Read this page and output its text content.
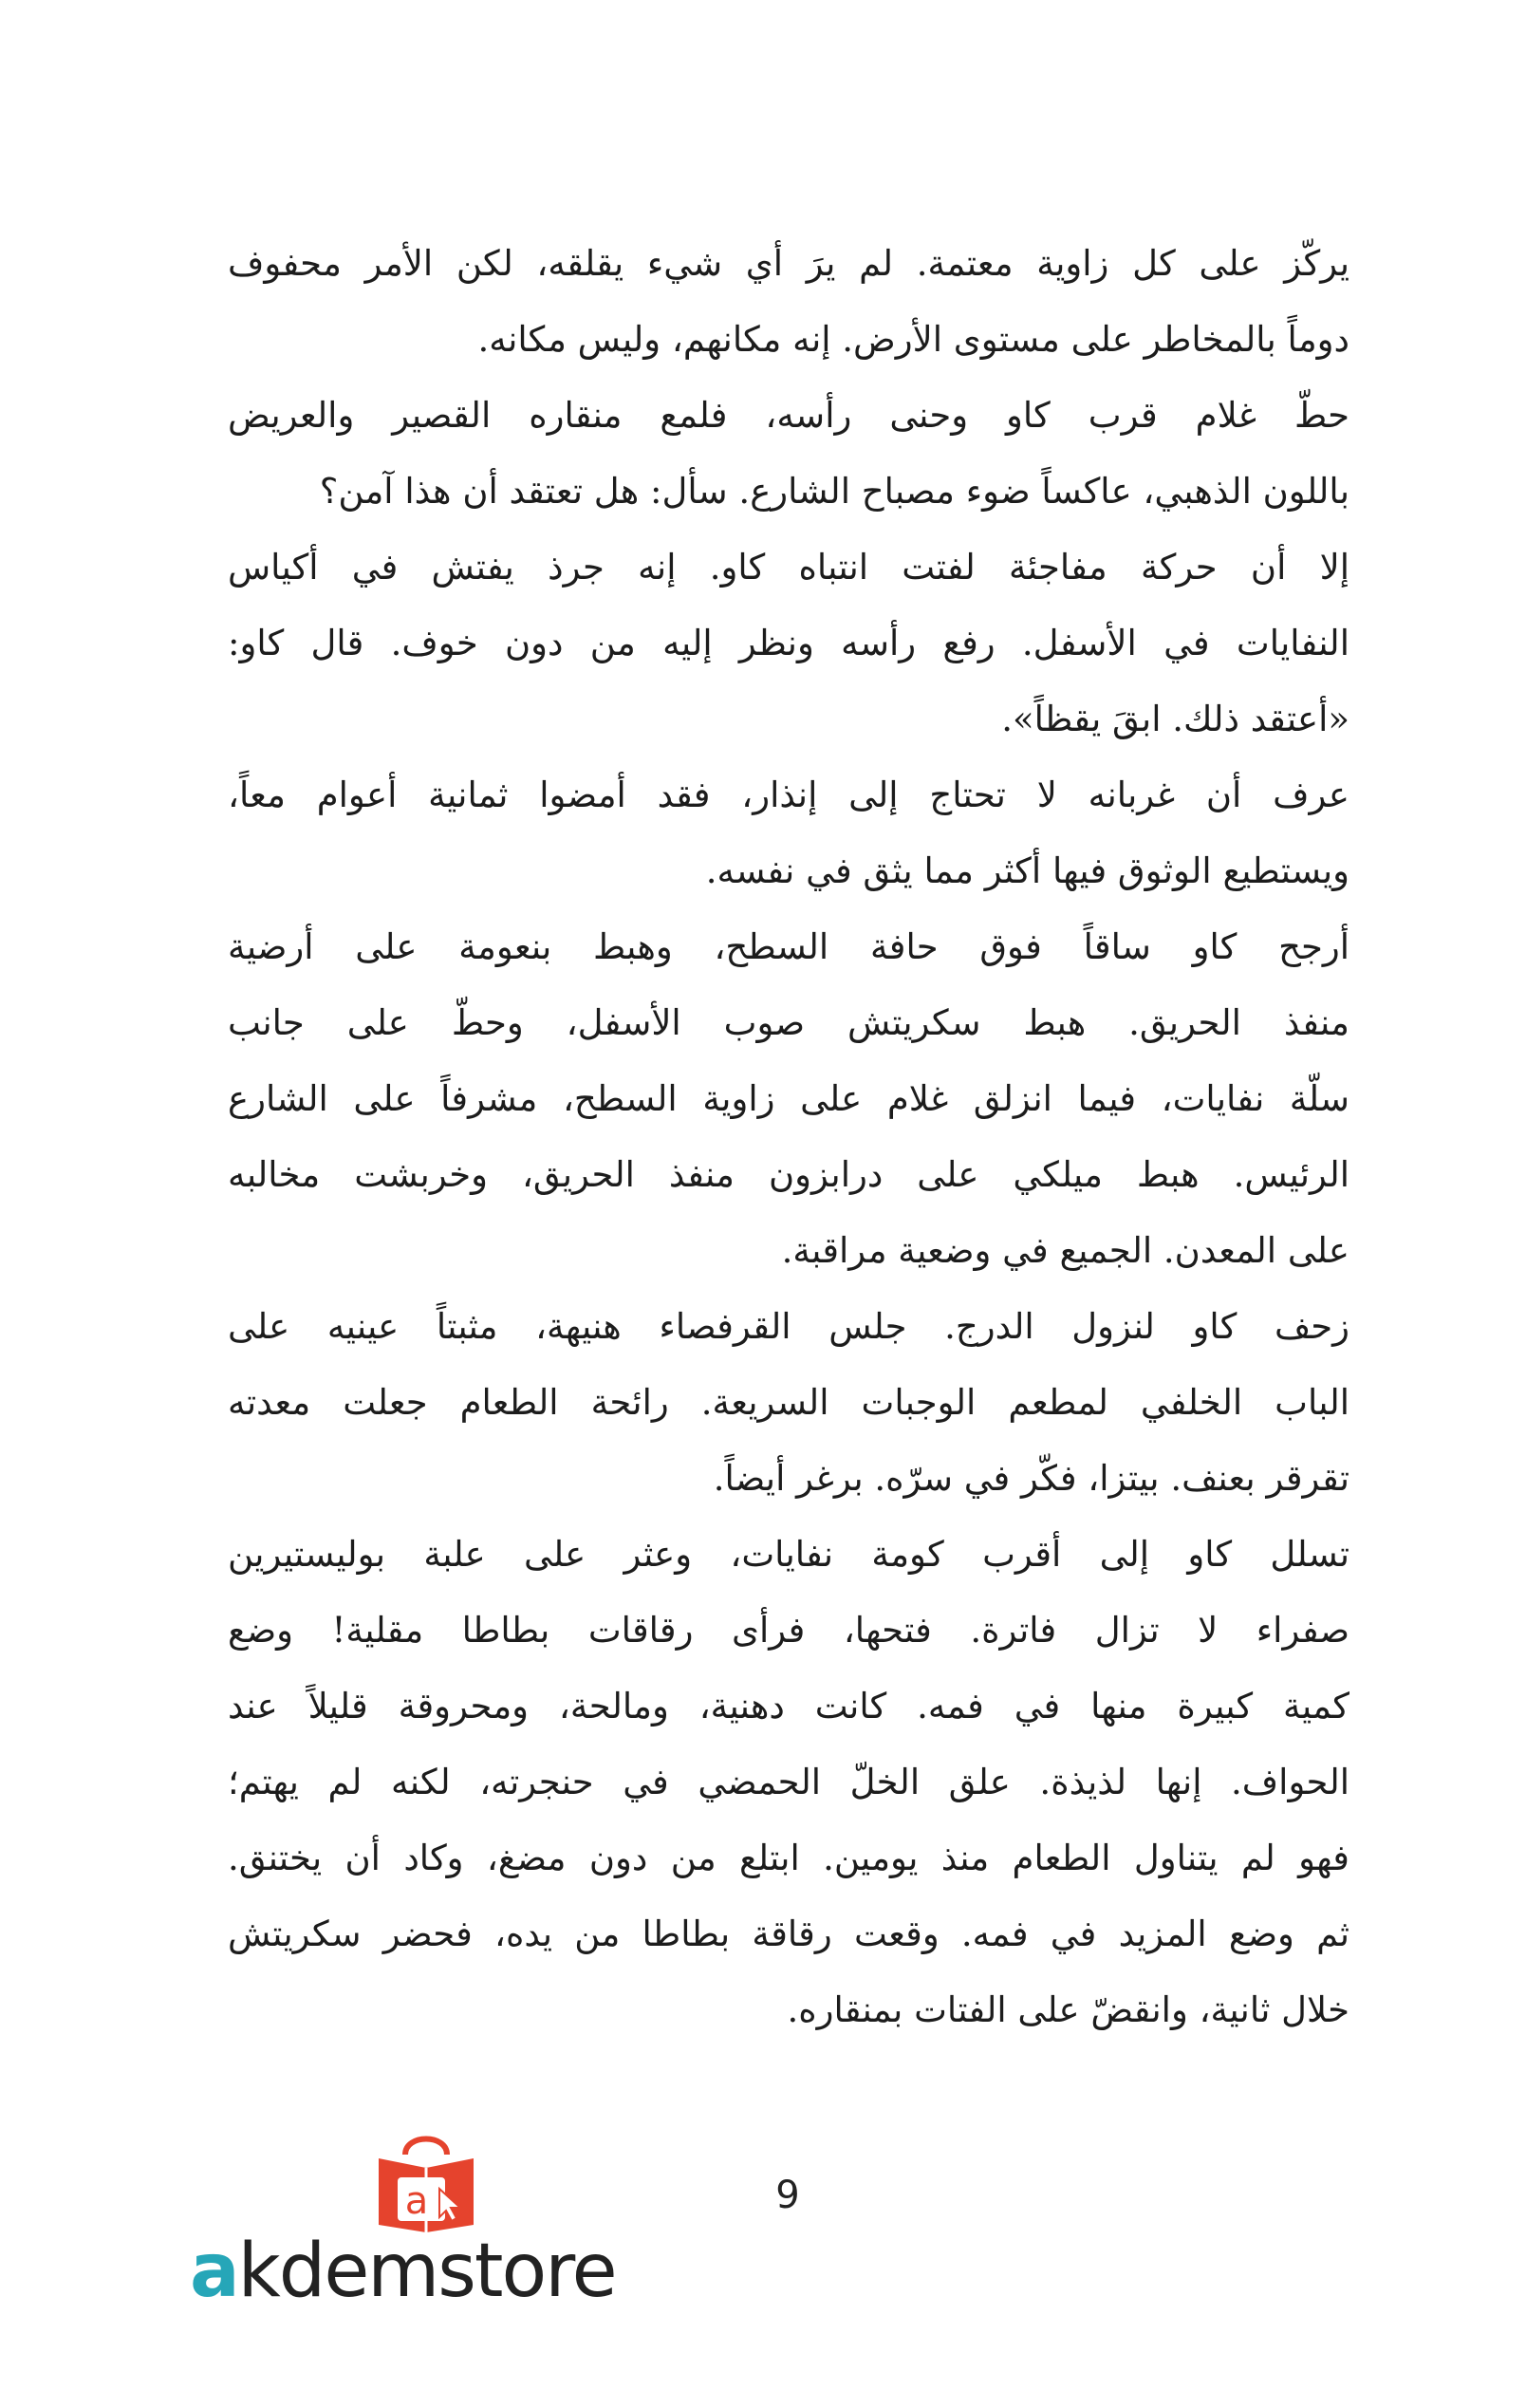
يركّز على كل زاوية معتمة. لم يرَ أي شيء يقلقه، لكن الأمر محفوف
دوماً بالمخاطر على مستوى الأرض. إنه مكانهم، وليس مكانه.
حطّ غلام قرب كاو وحنى رأسه، فلمع منقاره القصير والعريض
باللون الذهبي، عاكساً ضوء مصباح الشارع. سأل: هل تعتقد أن هذا آمن؟
إلا أن حركة مفاجئة لفتت انتباه كاو. إنه جرذ يفتش في أكياس
النفايات في الأسفل. رفع رأسه ونظر إليه من دون خوف. قال كاو:
«أعتقد ذلك. ابقَ يقظاً».
عرف أن غربانه لا تحتاج إلى إنذار، فقد أمضوا ثمانية أعوام معاً،
ويستطيع الوثوق فيها أكثر مما يثق في نفسه.
أرجح كاو ساقاً فوق حافة السطح، وهبط بنعومة على أرضية
منفذ الحريق. هبط سكريتش صوب الأسفل، وحطّ على جانب
سلّة نفايات، فيما انزلق غلام على زاوية السطح، مشرفاً على الشارع
الرئيس. هبط ميلكي على درابزون منفذ الحريق، وخربشت مخالبه
على المعدن. الجميع في وضعية مراقبة.
زحف كاو لنزول الدرج. جلس القرفصاء هنيهة، مثبتاً عينيه على
الباب الخلفي لمطعم الوجبات السريعة. رائحة الطعام جعلت معدته
تقرقر بعنف. بيتزا، فكّر في سرّه. برغر أيضاً.
تسلل كاو إلى أقرب كومة نفايات، وعثر على علبة بوليستيرين
صفراء لا تزال فاترة. فتحها، فرأى رقاقات بطاطا مقلية! وضع
كمية كبيرة منها في فمه. كانت دهنية، ومالحة، ومحروقة قليلاً عند
الحواف. إنها لذيذة. علق الخلّ الحمضي في حنجرته، لكنه لم يهتم؛
فهو لم يتناول الطعام منذ يومين. ابتلع من دون مضغ، وكاد أن يختنق.
ثم وضع المزيد في فمه. وقعت رقاقة بطاطا من يده، فحضر سكريتش
خلال ثانية، وانقضّ على الفتات بمنقاره.
9
a
akdemstore
